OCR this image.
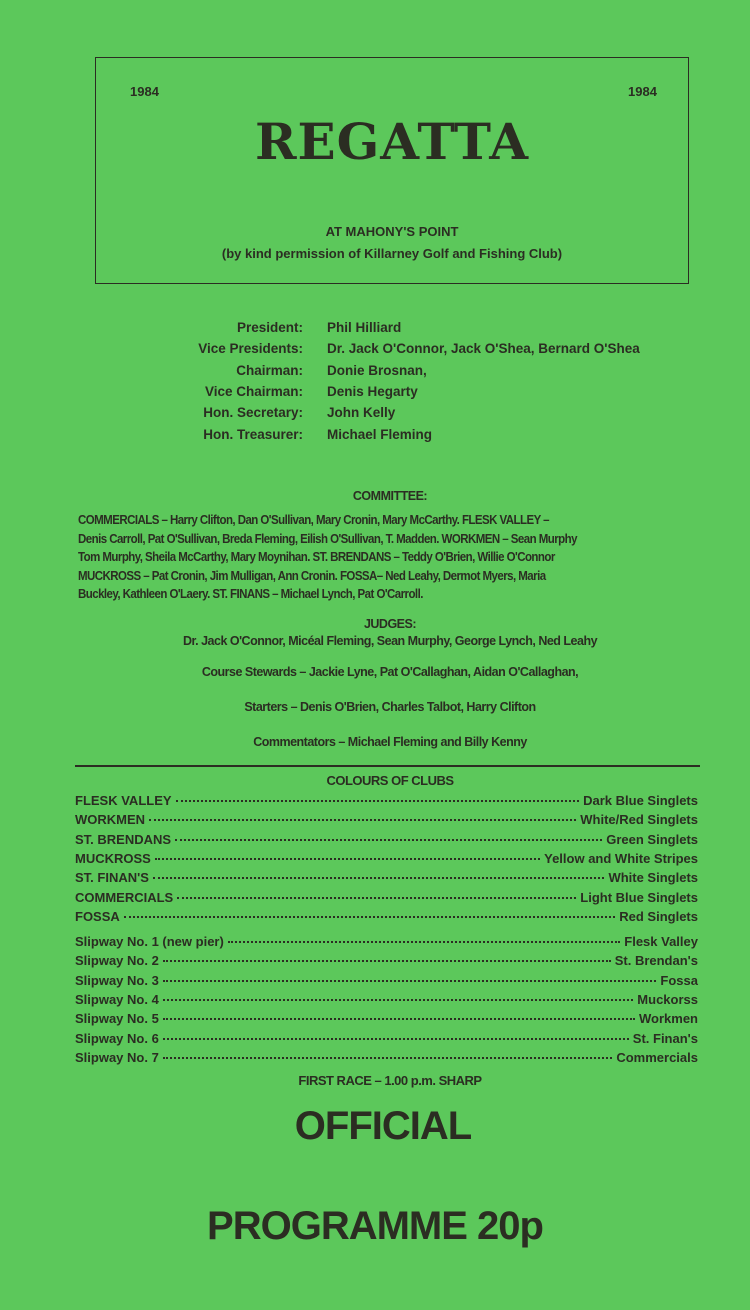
1984	1984
REGATTA
AT MAHONY'S POINT
(by kind permission of Killarney Golf and Fishing Club)
President: Phil Hilliard
Vice Presidents: Dr. Jack O'Connor, Jack O'Shea, Bernard O'Shea
Chairman: Donie Brosnan,
Vice Chairman: Denis Hegarty
Hon. Secretary: John Kelly
Hon. Treasurer: Michael Fleming
COMMITTEE:
COMMERCIALS – Harry Clifton, Dan O'Sullivan, Mary Cronin, Mary McCarthy. FLESK VALLEY –
Denis Carroll, Pat O'Sullivan, Breda Fleming, Eilish O'Sullivan, T. Madden. WORKMEN – Sean Murphy
Tom Murphy, Sheila McCarthy, Mary Moynihan. ST. BRENDANS – Teddy O'Brien, Willie O'Connor
MUCKROSS – Pat Cronin, Jim Mulligan, Ann Cronin. FOSSA– Ned Leahy, Dermot Myers, Maria
Buckley, Kathleen O'Laery. ST. FINANS – Michael Lynch, Pat O'Carroll.
JUDGES:
Dr. Jack O'Connor, Micéal Fleming, Sean Murphy, George Lynch, Ned Leahy
Course Stewards – Jackie Lyne, Pat O'Callaghan, Aidan O'Callaghan,
Starters – Denis O'Brien, Charles Talbot, Harry Clifton
Commentators – Michael Fleming and Billy Kenny
COLOURS OF CLUBS
FLESK VALLEY	Dark Blue Singlets
WORKMEN	White/Red Singlets
ST. BRENDANS	Green Singlets
MUCKROSS	Yellow and White Stripes
ST. FINAN'S	White Singlets
COMMERCIALS	Light Blue Singlets
FOSSA	Red Singlets
Slipway No. 1 (new pier)	Flesk Valley
Slipway No. 2	St. Brendan's
Slipway No. 3	Fossa
Slipway No. 4	Muckorss
Slipway No. 5	Workmen
Slipway No. 6	St. Finan's
Slipway No. 7	Commercials
FIRST RACE – 1.00 p.m. SHARP
OFFICIAL
PROGRAMME 20p
